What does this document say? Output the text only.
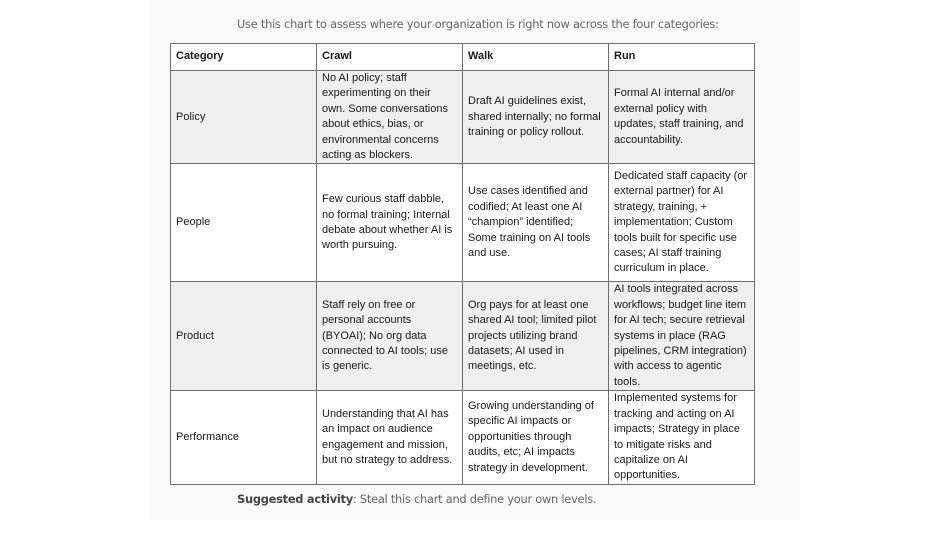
Use this chart to assess where your organization is right now across the four categories:

Category	Crawl	Walk	Run
Policy	No AI policy; staff experimenting on their own. Some conversations about ethics, bias, or environmental concerns acting as blockers.	Draft AI guidelines exist, shared internally; no formal training or policy rollout.	Formal AI internal and/or external policy with updates, staff training, and accountability.
People	Few curious staff dabble, no formal training; Internal debate about whether AI is worth pursuing.	Use cases identified and codified; At least one AI “champion” identified; Some training on AI tools and use.	Dedicated staff capacity (or external partner) for AI strategy, training, + implementation; Custom tools built for specific use cases; AI staff training curriculum in place.
Product	Staff rely on free or personal accounts (BYOAI); No org data connected to AI tools; use is generic.	Org pays for at least one shared AI tool; limited pilot projects utilizing brand datasets; AI used in meetings, etc.	AI tools integrated across workflows; budget line item for AI tech; secure retrieval systems in place (RAG pipelines, CRM integration) with access to agentic tools.
Performance	Understanding that AI has an impact on audience engagement and mission, but no strategy to address.	Growing understanding of specific AI impacts or opportunities through audits, etc; AI impacts strategy in development.	Implemented systems for tracking and acting on AI impacts; Strategy in place to mitigate risks and capitalize on AI opportunities.

Suggested activity: Steal this chart and define your own levels.
